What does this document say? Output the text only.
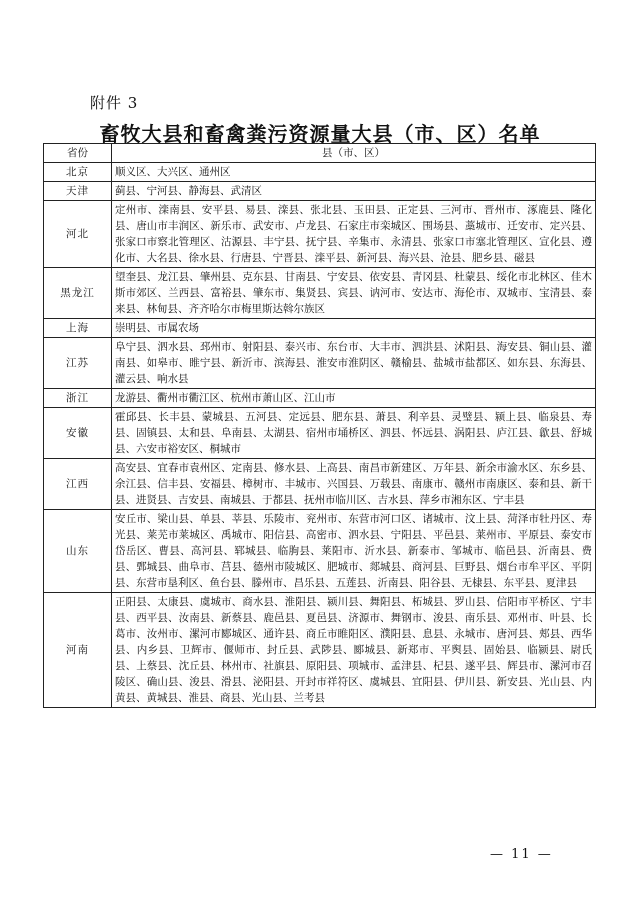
附件 3
畜牧大县和畜禽粪污资源量大县（市、区）名单
省份	县（市、区）
北京	顺义区、大兴区、通州区
天津	蓟县、宁河县、静海县、武清区
河北	定州市、滦南县、安平县、易县、滦县、张北县、玉田县、正定县、三河市、晋州市、涿鹿县、隆化县、唐山市丰润区、新乐市、武安市、卢龙县、石家庄市栾城区、围场县、藁城市、迁安市、定兴县、张家口市察北管理区、沽源县、丰宁县、抚宁县、辛集市、永清县、张家口市塞北管理区、宣化县、遵化市、大名县、徐水县、行唐县、宁晋县、滦平县、新河县、海兴县、沧县、肥乡县、磁县
黑龙江	望奎县、龙江县、肇州县、克东县、甘南县、宁安县、依安县、青冈县、杜蒙县、绥化市北林区、佳木斯市郊区、兰西县、富裕县、肇东市、集贤县、宾县、讷河市、安达市、海伦市、双城市、宝清县、泰来县、林甸县、齐齐哈尔市梅里斯达斡尔族区
上海	崇明县、市属农场
江苏	阜宁县、泗水县、邳州市、射阳县、泰兴市、东台市、大丰市、泗洪县、沭阳县、海安县、铜山县、灌南县、如皋市、睢宁县、新沂市、滨海县、淮安市淮阴区、赣榆县、盐城市盐都区、如东县、东海县、灌云县、响水县
浙江	龙游县、衢州市衢江区、杭州市萧山区、江山市
安徽	霍邱县、长丰县、蒙城县、五河县、定远县、肥东县、萧县、利辛县、灵璧县、颍上县、临泉县、寿县、固镇县、太和县、阜南县、太湖县、宿州市埇桥区、泗县、怀远县、涡阳县、庐江县、歙县、舒城县、六安市裕安区、桐城市
江西	高安县、宜春市袁州区、定南县、修水县、上高县、南昌市新建区、万年县、新余市渝水区、东乡县、余江县、信丰县、安福县、樟树市、丰城市、兴国县、万载县、南康市、赣州市南康区、泰和县、新干县、进贤县、吉安县、南城县、于都县、抚州市临川区、吉水县、萍乡市湘东区、宁丰县
山东	安丘市、梁山县、单县、莘县、乐陵市、兖州市、东营市河口区、诸城市、汶上县、菏泽市牡丹区、寿光县、莱芜市莱城区、禹城市、阳信县、高密市、泗水县、宁阳县、平邑县、莱州市、平原县、泰安市岱岳区、曹县、高河县、郓城县、临朐县、莱阳市、沂水县、新泰市、邹城市、临邑县、沂南县、费县、鄄城县、曲阜市、莒县、德州市陵城区、肥城市、郯城县、商河县、巨野县、烟台市牟平区、平阴县、东营市垦利区、鱼台县、滕州市、昌乐县、五莲县、沂南县、阳谷县、无棣县、东平县、夏津县
河南	正阳县、太康县、虞城市、商水县、淮阳县、颍川县、舞阳县、柘城县、罗山县、信阳市平桥区、宁丰县、西平县、汝南县、新蔡县、鹿邑县、夏邑县、济源市、舞钢市、浚县、南乐县、邓州市、叶县、长葛市、汝州市、漯河市郾城区、通许县、商丘市睢阳区、濮阳县、息县、永城市、唐河县、郏县、西华县、内乡县、卫辉市、偃师市、封丘县、武陟县、郾城县、新郑市、平舆县、固始县、临颍县、尉氏县、上蔡县、沈丘县、林州市、社旗县、原阳县、项城市、孟津县、杞县、遂平县、辉县市、漯河市召陵区、确山县、浚县、滑县、泌阳县、开封市祥符区、虞城县、宜阳县、伊川县、新安县、光山县、内黄县、黄城县、淮县、商县、光山县、兰考县
— 11 —
